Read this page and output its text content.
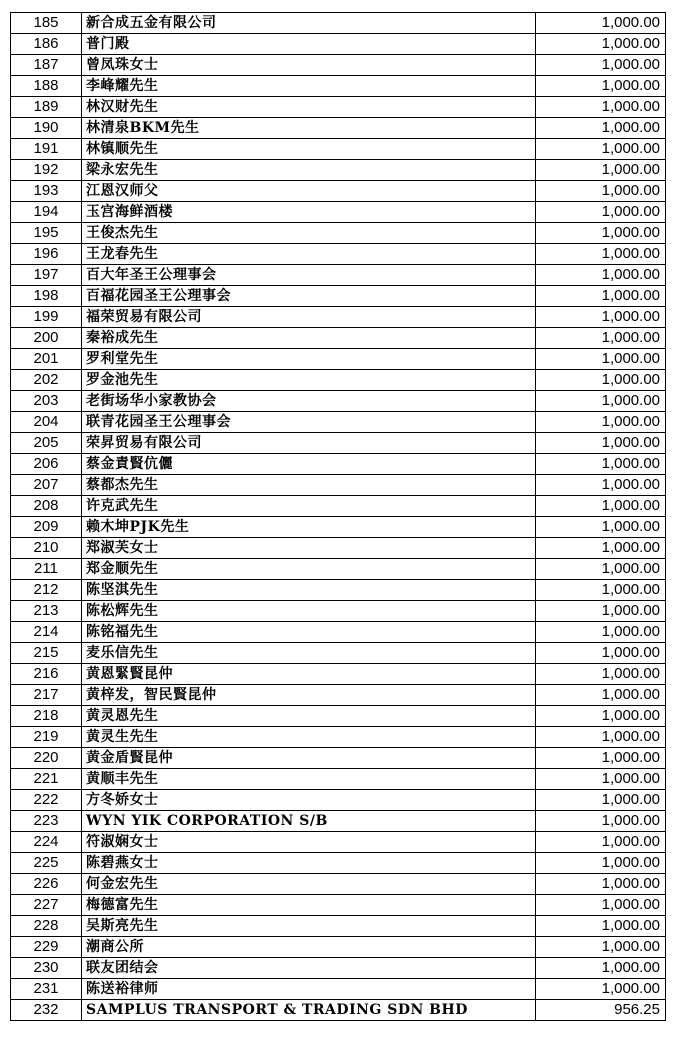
185	新合成五金有限公司	1,000.00
186	普门殿	1,000.00
187	曾凤珠女士	1,000.00
188	李峰耀先生	1,000.00
189	林汉财先生	1,000.00
190	林清泉BKM先生	1,000.00
191	林镇顺先生	1,000.00
192	梁永宏先生	1,000.00
193	江恩汉师父	1,000.00
194	玉宫海鲜酒楼	1,000.00
195	王俊杰先生	1,000.00
196	王龙春先生	1,000.00
197	百大年圣王公理事会	1,000.00
198	百福花园圣王公理事会	1,000.00
199	福荣贸易有限公司	1,000.00
200	秦裕成先生	1,000.00
201	罗利堂先生	1,000.00
202	罗金池先生	1,000.00
203	老街场华小家教协会	1,000.00
204	联青花园圣王公理事会	1,000.00
205	荣昇贸易有限公司	1,000.00
206	蔡金責賢伉儷	1,000.00
207	蔡都杰先生	1,000.00
208	许克武先生	1,000.00
209	赖木坤PJK先生	1,000.00
210	郑淑芙女士	1,000.00
211	郑金顺先生	1,000.00
212	陈坚淇先生	1,000.00
213	陈松辉先生	1,000.00
214	陈铭福先生	1,000.00
215	麦乐信先生	1,000.00
216	黄恩緊賢昆仲	1,000.00
217	黄梓发，智民賢昆仲	1,000.00
218	黄灵恩先生	1,000.00
219	黄灵生先生	1,000.00
220	黄金盾賢昆仲	1,000.00
221	黄顺丰先生	1,000.00
222	方冬娇女士	1,000.00
223	WYN YIK CORPORATION S/B	1,000.00
224	符淑娴女士	1,000.00
225	陈碧燕女士	1,000.00
226	何金宏先生	1,000.00
227	梅德富先生	1,000.00
228	吴斯亮先生	1,000.00
229	潮商公所	1,000.00
230	联友团结会	1,000.00
231	陈送裕律师	1,000.00
232	SAMPLUS TRANSPORT & TRADING SDN BHD	956.25
